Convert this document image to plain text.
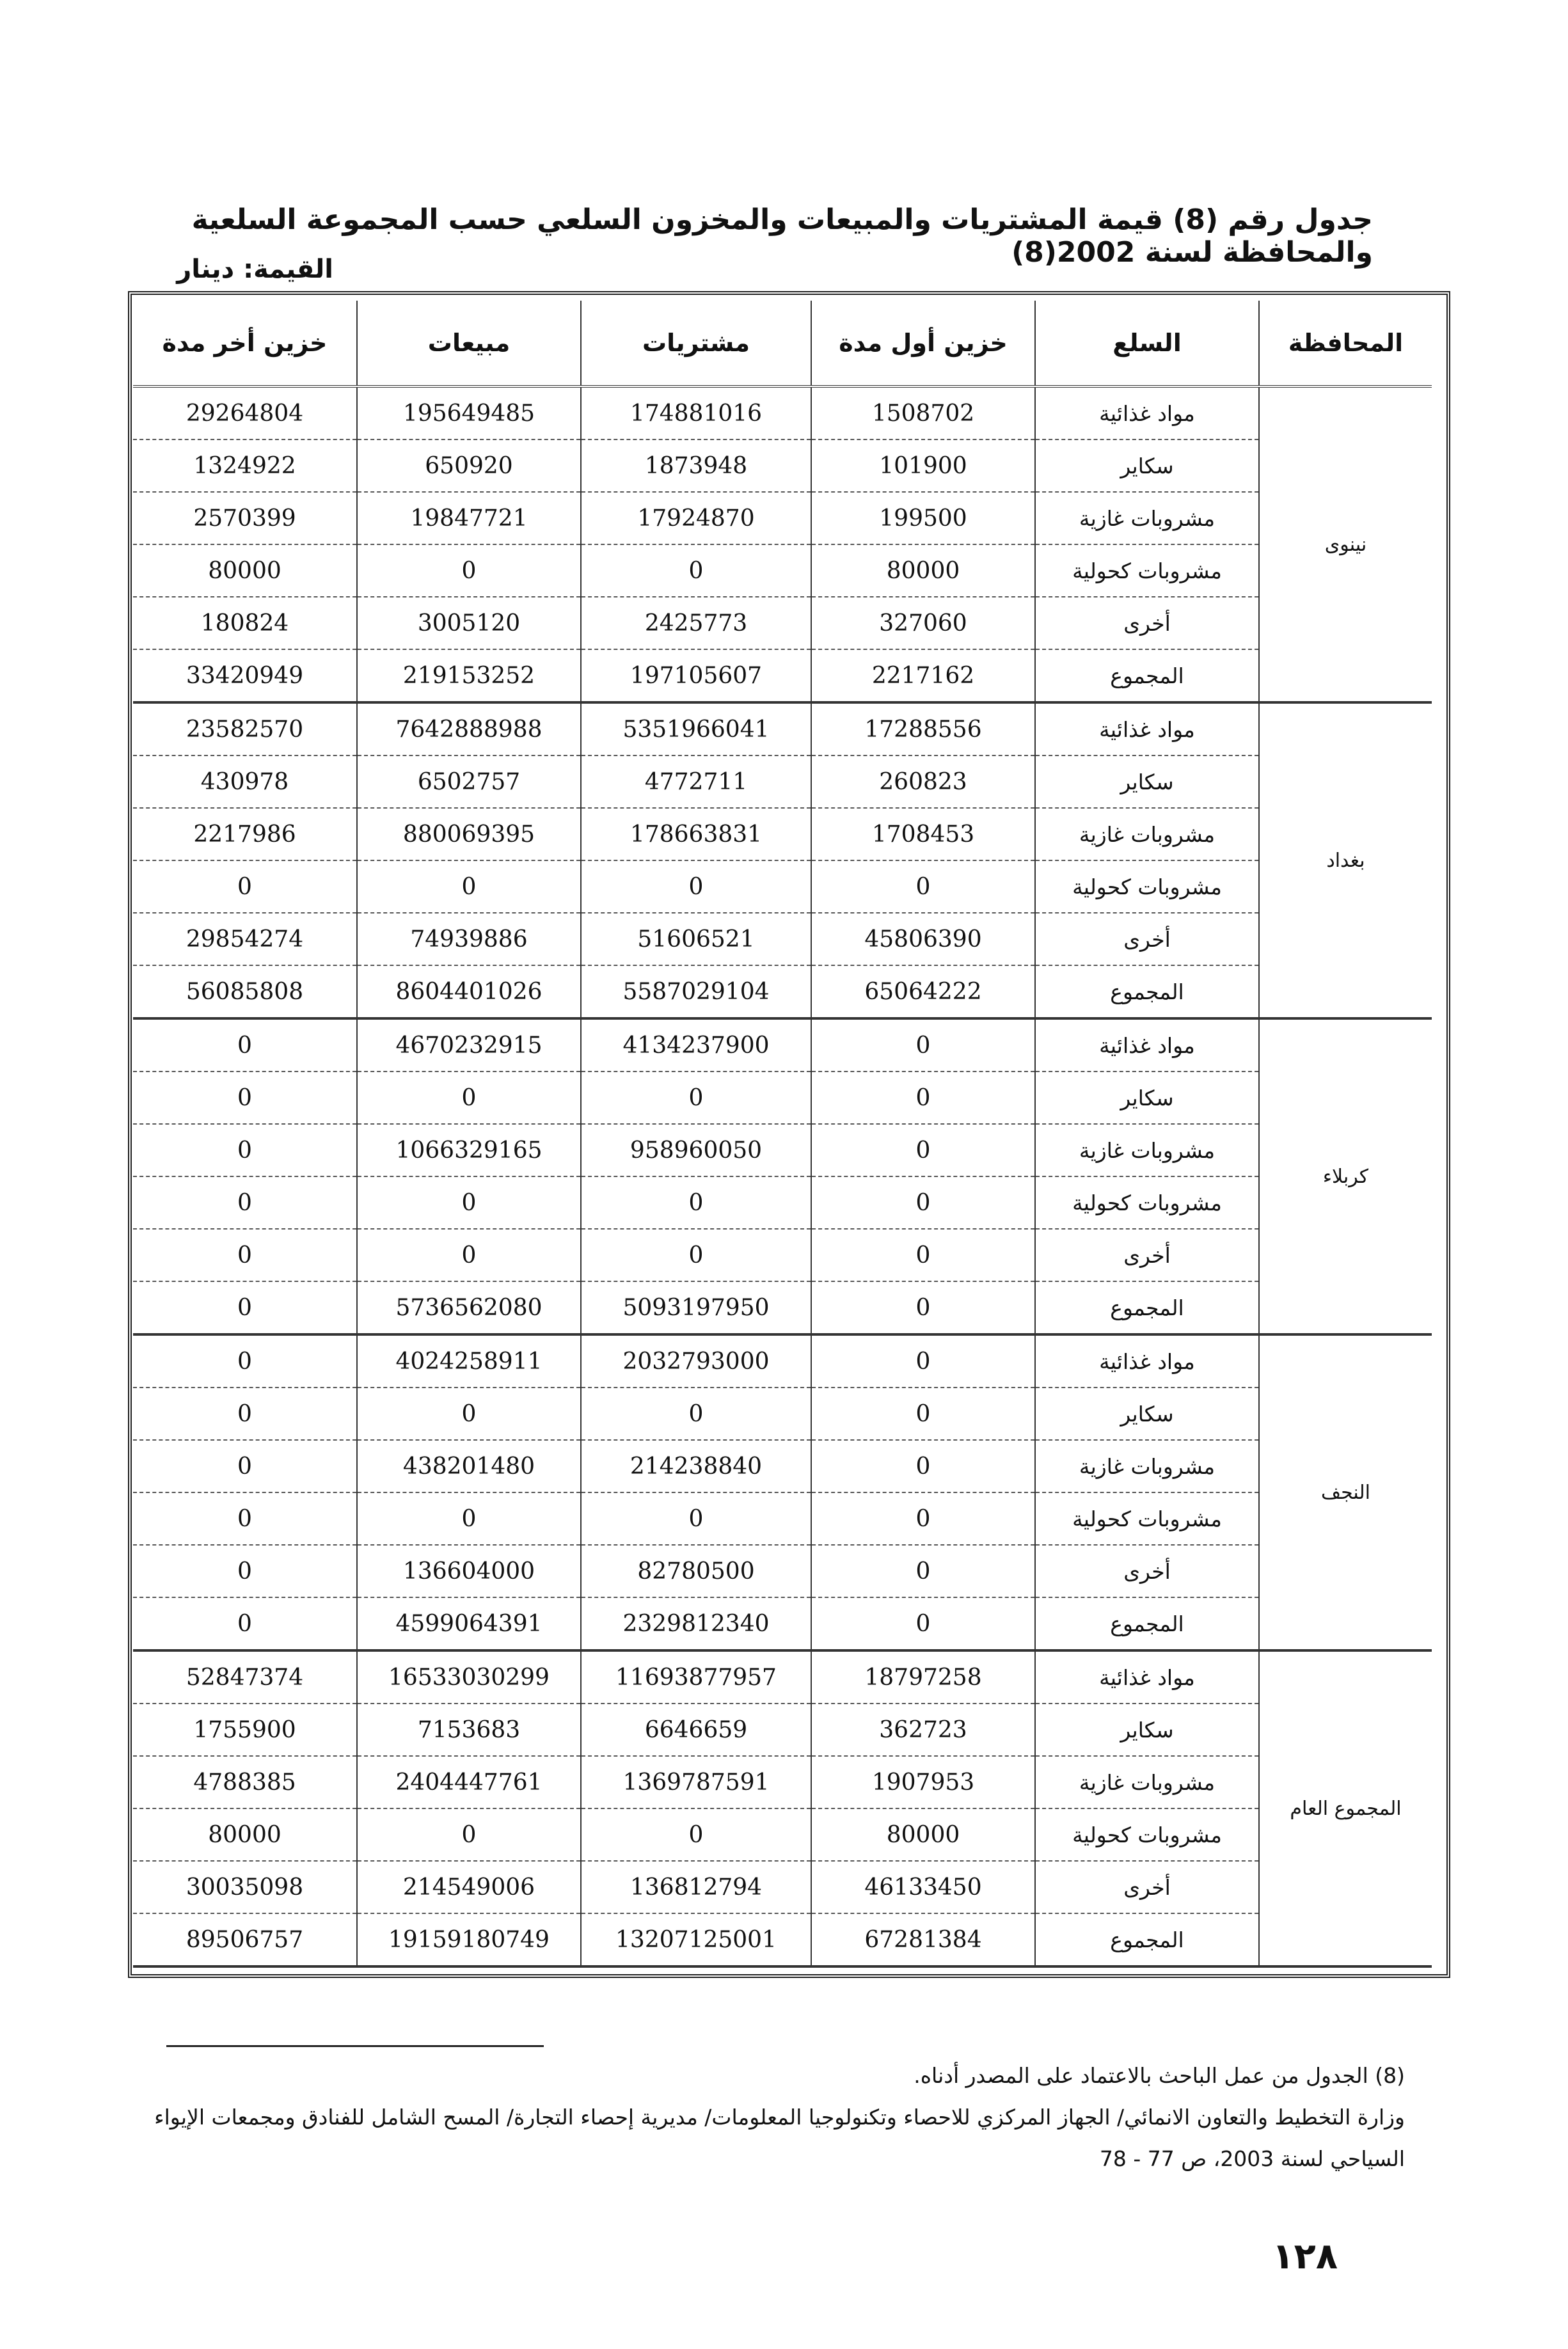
جدول رقم (8) قيمة المشتريات والمبيعات والمخزون السلعي حسب المجموعة السلعية والمحافظة لسنة 2002(8)
القيمة: دينار
المحافظة	السلع	خزين أول مدة	مشتريات	مبيعات	خزين أخر مدة
نينوى	مواد غذائية	1508702	174881016	195649485	29264804
	سكاير	101900	1873948	650920	1324922
	مشروبات غازية	199500	17924870	19847721	2570399
	مشروبات كحولية	80000	0	0	80000
	أخرى	327060	2425773	3005120	180824
	المجموع	2217162	197105607	219153252	33420949
بغداد	مواد غذائية	17288556	5351966041	7642888988	23582570
	سكاير	260823	4772711	6502757	430978
	مشروبات غازية	1708453	178663831	880069395	2217986
	مشروبات كحولية	0	0	0	0
	أخرى	45806390	51606521	74939886	29854274
	المجموع	65064222	5587029104	8604401026	56085808
كربلاء	مواد غذائية	0	4134237900	4670232915	0
	سكاير	0	0	0	0
	مشروبات غازية	0	958960050	1066329165	0
	مشروبات كحولية	0	0	0	0
	أخرى	0	0	0	0
	المجموع	0	5093197950	5736562080	0
النجف	مواد غذائية	0	2032793000	4024258911	0
	سكاير	0	0	0	0
	مشروبات غازية	0	214238840	438201480	0
	مشروبات كحولية	0	0	0	0
	أخرى	0	82780500	136604000	0
	المجموع	0	2329812340	4599064391	0
المجموع العام	مواد غذائية	18797258	11693877957	16533030299	52847374
	سكاير	362723	6646659	7153683	1755900
	مشروبات غازية	1907953	1369787591	2404447761	4788385
	مشروبات كحولية	80000	0	0	80000
	أخرى	46133450	136812794	214549006	30035098
	المجموع	67281384	13207125001	19159180749	89506757
(8) الجدول من عمل الباحث بالاعتماد على المصدر أدناه.
وزارة التخطيط والتعاون الانمائي/ الجهاز المركزي للاحصاء وتكنولوجيا المعلومات/ مديرية إحصاء التجارة/ المسح الشامل للفنادق ومجمعات الإيواء
السياحي لسنة 2003، ص 77 - 78
١٢٨
